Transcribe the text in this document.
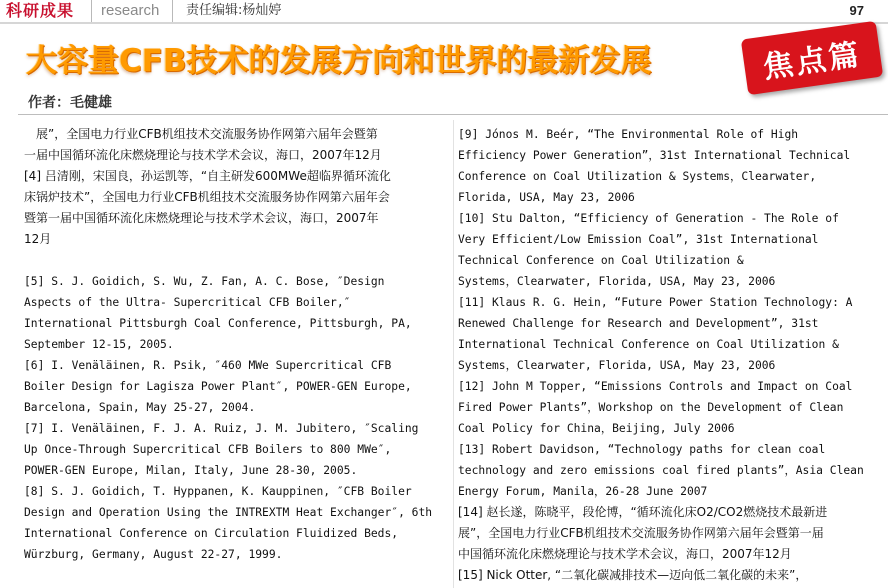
科研成果 research 责任编辑:杨灿婷	97
大容量CFB技术的发展方向和世界的最新发展	焦点篇
作者：毛健雄

　展”，全国电力行业CFB机组技术交流服务协作网第六届年会暨第

一届中国循环流化床燃烧理论与技术学术会议，海口，2007年12月

[4] 吕清刚，宋国良，孙运凯等，“自主研发600MWe超临界循环流化

床锅炉技术”，全国电力行业CFB机组技术交流服务协作网第六届年会

暨第一届中国循环流化床燃烧理论与技术学术会议，海口，2007年

12月

[5] S. J. Goidich, S. Wu, Z. Fan, A. C. Bose, ″Design

Aspects of the Ultra- Supercritical CFB Boiler,″

International Pittsburgh Coal Conference, Pittsburgh, PA,

September 12-15, 2005.

[6] I. Venäläinen, R. Psik, ″460 MWe Supercritical CFB

Boiler Design for Lagisza Power Plant″, POWER-GEN Europe,

Barcelona, Spain, May 25-27, 2004.

[7] I. Venäläinen, F. J. A. Ruiz, J. M. Jubitero, ″Scaling

Up Once-Through Supercritical CFB Boilers to 800 MWe″,

POWER-GEN Europe, Milan, Italy, June 28-30, 2005.

[8] S. J. Goidich, T. Hyppanen, K. Kauppinen, ″CFB Boiler

Design and Operation Using the INTREXTM Heat Exchanger″, 6th

International Conference on Circulation Fluidized Beds,

Würzburg, Germany, August 22-27, 1999.

[9] Jónos M. Beér, “The Environmental Role of High

Efficiency Power Generation”，31st International Technical

Conference on Coal Utilization & Systems，Clearwater,

Florida, USA, May 23, 2006

[10] Stu Dalton, “Efficiency of Generation - The Role of

Very Efficient/Low Emission Coal”, 31st International

Technical Conference on Coal Utilization &

Systems，Clearwater, Florida, USA, May 23, 2006

[11] Klaus R. G. Hein, “Future Power Station Technology: A

Renewed Challenge for Research and Development”, 31st

International Technical Conference on Coal Utilization &

Systems，Clearwater, Florida, USA, May 23, 2006

[12] John M Topper, “Emissions Controls and Impact on Coal

Fired Power Plants”，Workshop on the Development of Clean

Coal Policy for China，Beijing, July 2006

[13] Robert Davidson, “Technology paths for clean coal

technology and zero emissions coal fired plants”，Asia Clean

Energy Forum, Manila，26-28 June 2007

[14] 赵长遂，陈晓平，段伦博，“循环流化床O2/CO2燃烧技术最新进

展”，全国电力行业CFB机组技术交流服务协作网第六届年会暨第一届

中国循环流化床燃烧理论与技术学术会议，海口，2007年12月

[15] Nick Otter, “二氧化碳减排技术—迈向低二氧化碳的未来”，
